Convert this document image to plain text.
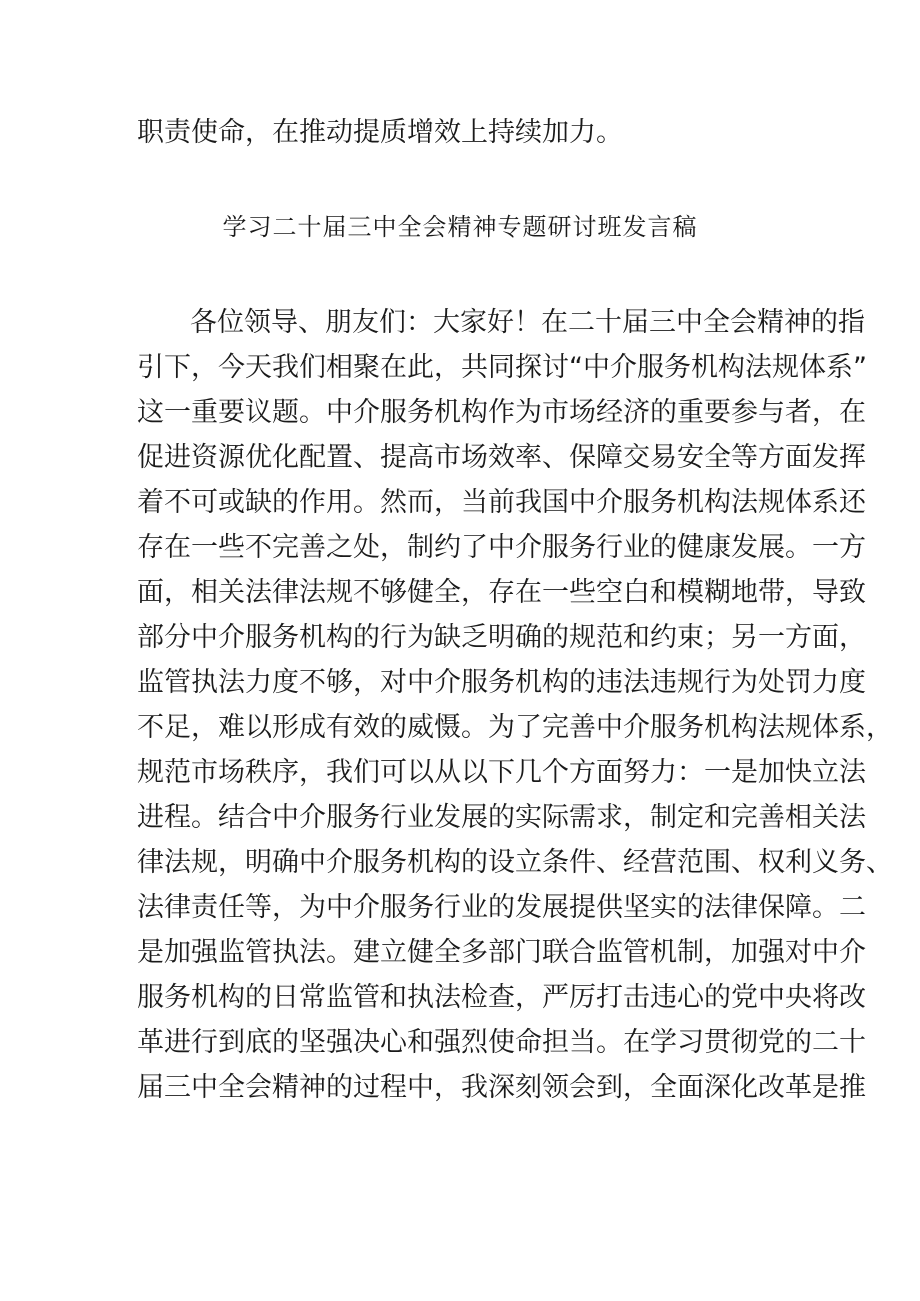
职责使命，在推动提质增效上持续加力。
学习二十届三中全会精神专题研讨班发言稿
各位领导、朋友们：大家好！在二十届三中全会精神的指
引下，今天我们相聚在此，共同探讨“中介服务机构法规体系”
这一重要议题。中介服务机构作为市场经济的重要参与者，在
促进资源优化配置、提高市场效率、保障交易安全等方面发挥
着不可或缺的作用。然而，当前我国中介服务机构法规体系还
存在一些不完善之处，制约了中介服务行业的健康发展。一方
面，相关法律法规不够健全，存在一些空白和模糊地带，导致
部分中介服务机构的行为缺乏明确的规范和约束；另一方面，
监管执法力度不够，对中介服务机构的违法违规行为处罚力度
不足，难以形成有效的威慑。为了完善中介服务机构法规体系，
规范市场秩序，我们可以从以下几个方面努力：一是加快立法
进程。结合中介服务行业发展的实际需求，制定和完善相关法
律法规，明确中介服务机构的设立条件、经营范围、权利义务、
法律责任等，为中介服务行业的发展提供坚实的法律保障。二
是加强监管执法。建立健全多部门联合监管机制，加强对中介
服务机构的日常监管和执法检查，严厉打击违心的党中央将改
革进行到底的坚强决心和强烈使命担当。在学习贯彻党的二十
届三中全会精神的过程中，我深刻领会到，全面深化改革是推
